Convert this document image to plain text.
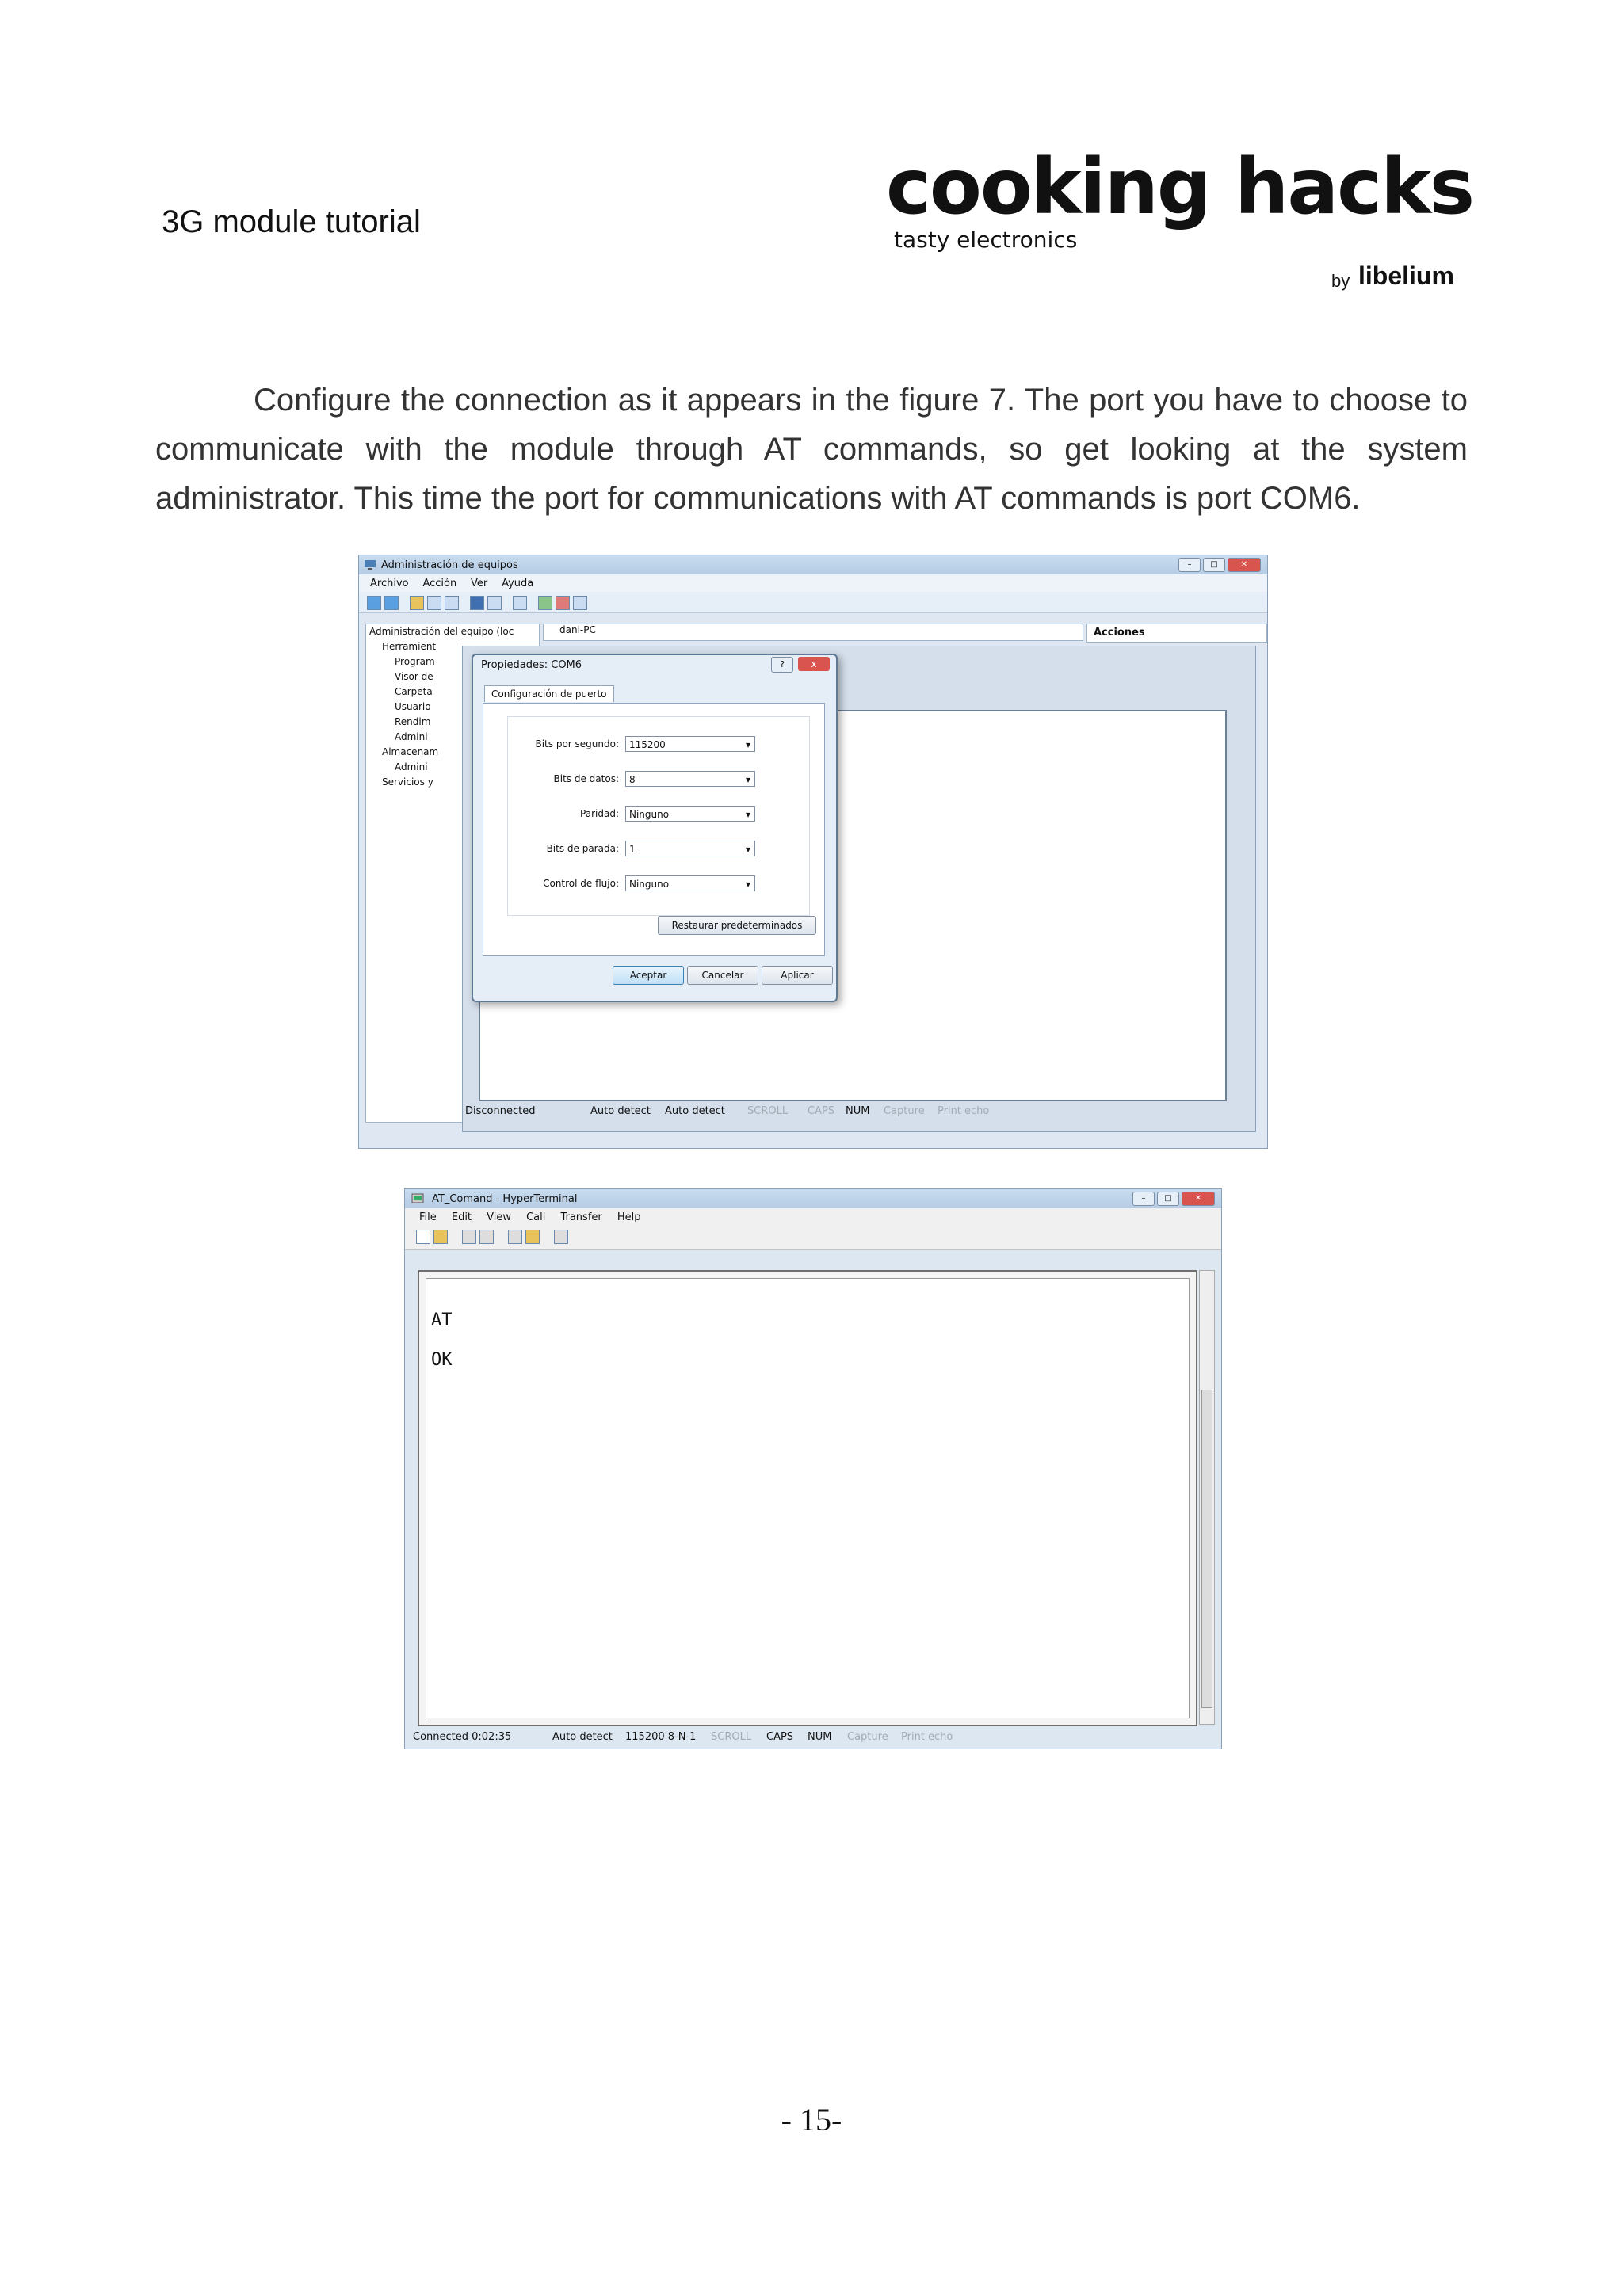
3G module tutorial	cooking hacks
tasty electronics
by libelium
Configure the connection as it appears in the figure 7. The port you have to choose to communicate with the module through AT commands, so get looking at the system administrator. This time the port for communications with AT commands is port COM6.
Administración de equipos	–	□	✕
Archivo Acción Ver Ayuda
Administración del equipo (loc
Herramient
Program
Visor de
Carpeta
Usuario
Rendim
Admini
Almacenam
Admini
Servicios y
dani-PC	Acciones
Disconnected	Auto detect Auto detect SCROLL CAPS NUM Capture Print echo
Propiedades: COM6	?	x
Configuración de puerto
Bits por segundo:	115200 ▾
Bits de datos:	8 ▾
Paridad:	Ninguno ▾
Bits de parada:	1 ▾
Control de flujo:	Ninguno ▾
Restaurar predeterminados
Aceptar	Cancelar	Aplicar
AT_Comand - HyperTerminal	–	□	✕
File Edit View Call Transfer Help
AT
OK
Connected 0:02:35	Auto detect 115200 8-N-1 SCROLL CAPS NUM Capture Print echo
- 15-
